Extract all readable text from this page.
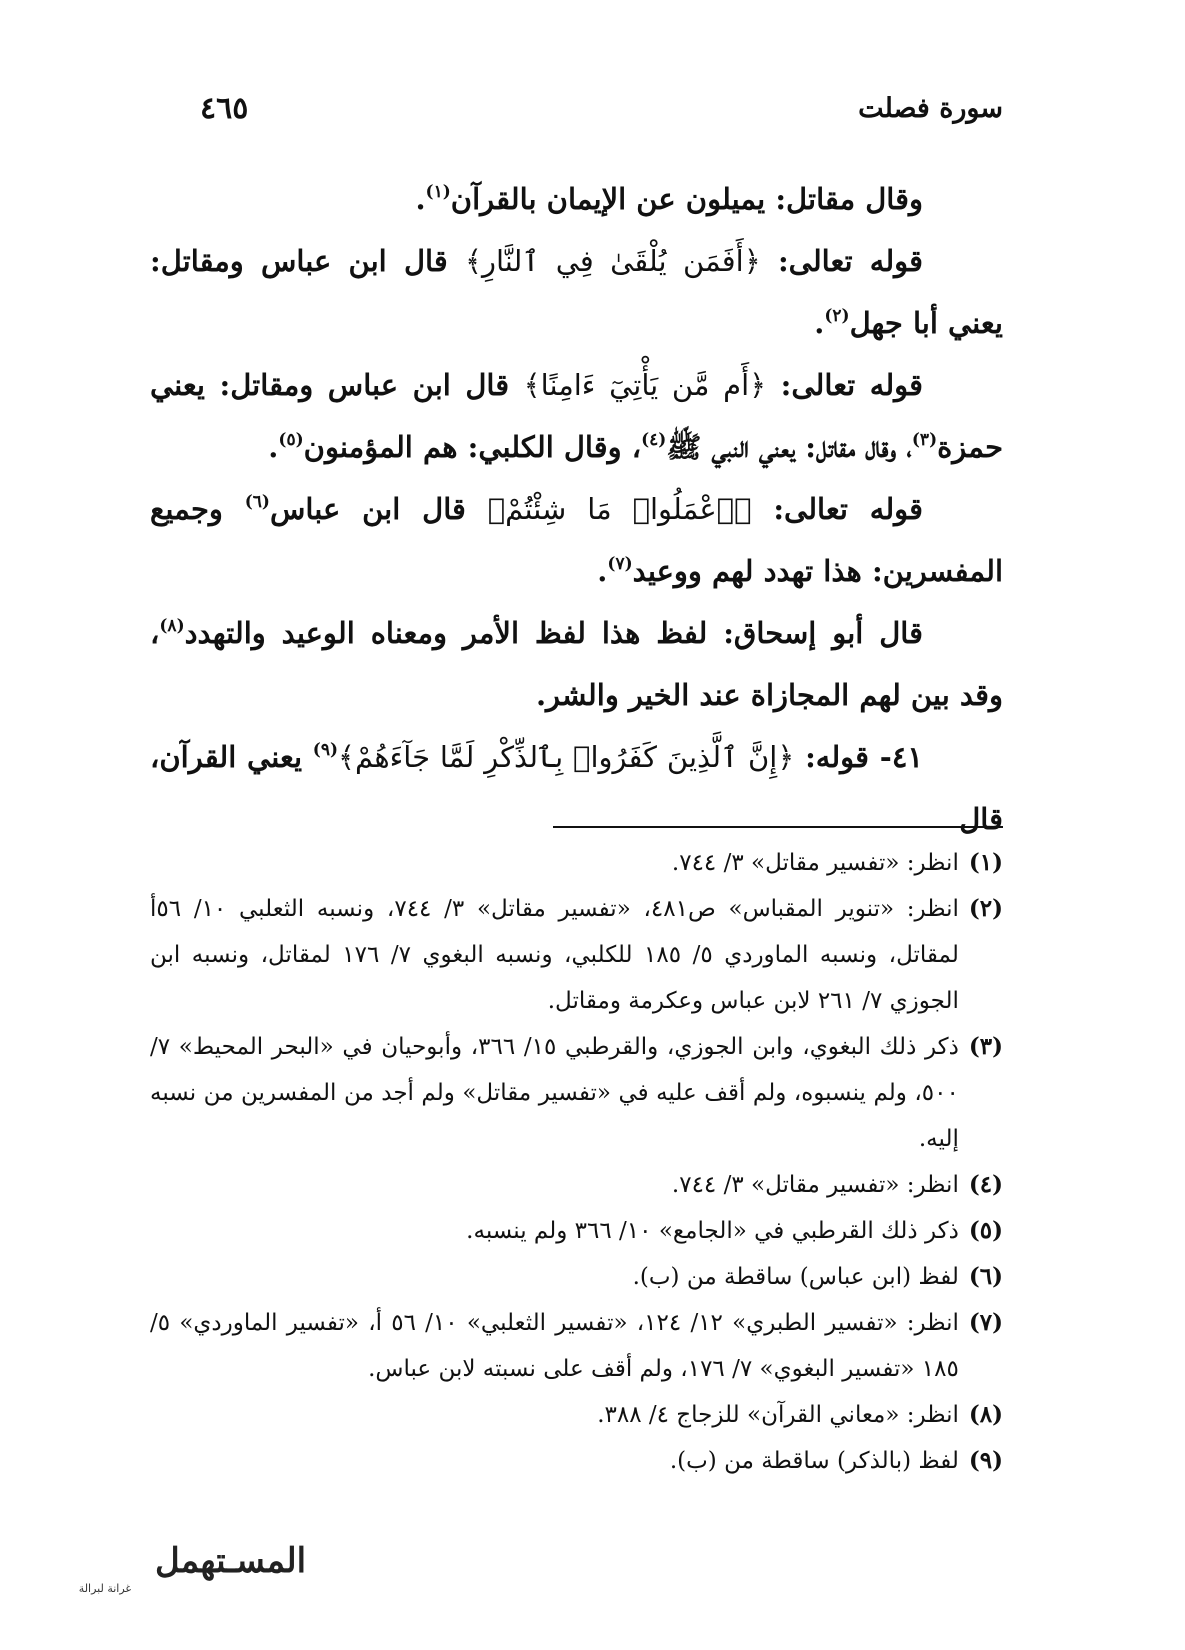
سورة فصلت
٤٦٥

وقال مقاتل: يميلون عن الإيمان بالقرآن$^{(١)}$.

قوله تعالى: ﴿أَفَمَن يُلْقَىٰ فِي ٱلنَّارِ﴾ قال ابن عباس ومقاتل: يعني أبا جهل$^{(٢)}$.

قوله تعالى: ﴿أَم مَّن يَأْتِيٓ ءَامِنًا﴾ قال ابن عباس ومقاتل: يعني حمزة$^{(٣)}$، وقال مقاتل: يعني النبي ﷺ$^{(٤)}$، وقال الكلبي: هم المؤمنون$^{(٥)}$.

قوله تعالى: ﴿ٱعْمَلُوا۟ مَا شِئْتُمْ﴾ قال ابن عباس$^{(٦)}$ وجميع المفسرين: هذا تهدد لهم ووعيد$^{(٧)}$.

قال أبو إسحاق: لفظ هذا لفظ الأمر ومعناه الوعيد والتهدد$^{(٨)}$، وقد بين لهم المجازاة عند الخير والشر.

٤١- قوله: ﴿إِنَّ ٱلَّذِينَ كَفَرُوا۟ بِٱلذِّكْرِ لَمَّا جَآءَهُمْ﴾$^{(٩)}$ يعني القرآن، قال

(١)
انظر: «تفسير مقاتل» ٣/ ٧٤٤.
(٢)
انظر: «تنوير المقباس» ص٤٨١، «تفسير مقاتل» ٣/ ٧٤٤، ونسبه الثعلبي ١٠/ ٥٦أ لمقاتل، ونسبه الماوردي ٥/ ١٨٥ للكلبي، ونسبه البغوي ٧/ ١٧٦ لمقاتل، ونسبه ابن الجوزي ٧/ ٢٦١ لابن عباس وعكرمة ومقاتل.
(٣)
ذكر ذلك البغوي، وابن الجوزي، والقرطبي ١٥/ ٣٦٦، وأبوحيان في «البحر المحيط» ٧/ ٥٠٠، ولم ينسبوه، ولم أقف عليه في «تفسير مقاتل» ولم أجد من المفسرين من نسبه إليه.
(٤)
انظر: «تفسير مقاتل» ٣/ ٧٤٤.
(٥)
ذكر ذلك القرطبي في «الجامع» ١٠/ ٣٦٦ ولم ينسبه.
(٦)
لفظ (ابن عباس) ساقطة من (ب).
(٧)
انظر: «تفسير الطبري» ١٢/ ١٢٤، «تفسير الثعلبي» ١٠/ ٥٦ أ، «تفسير الماوردي» ٥/ ١٨٥ «تفسير البغوي» ٧/ ١٧٦، ولم أقف على نسبته لابن عباس.
(٨)
انظر: «معاني القرآن» للزجاج ٤/ ٣٨٨.
(٩)
لفظ (بالذكر) ساقطة من (ب).
المسـتهمل
غرانة لبرالة
